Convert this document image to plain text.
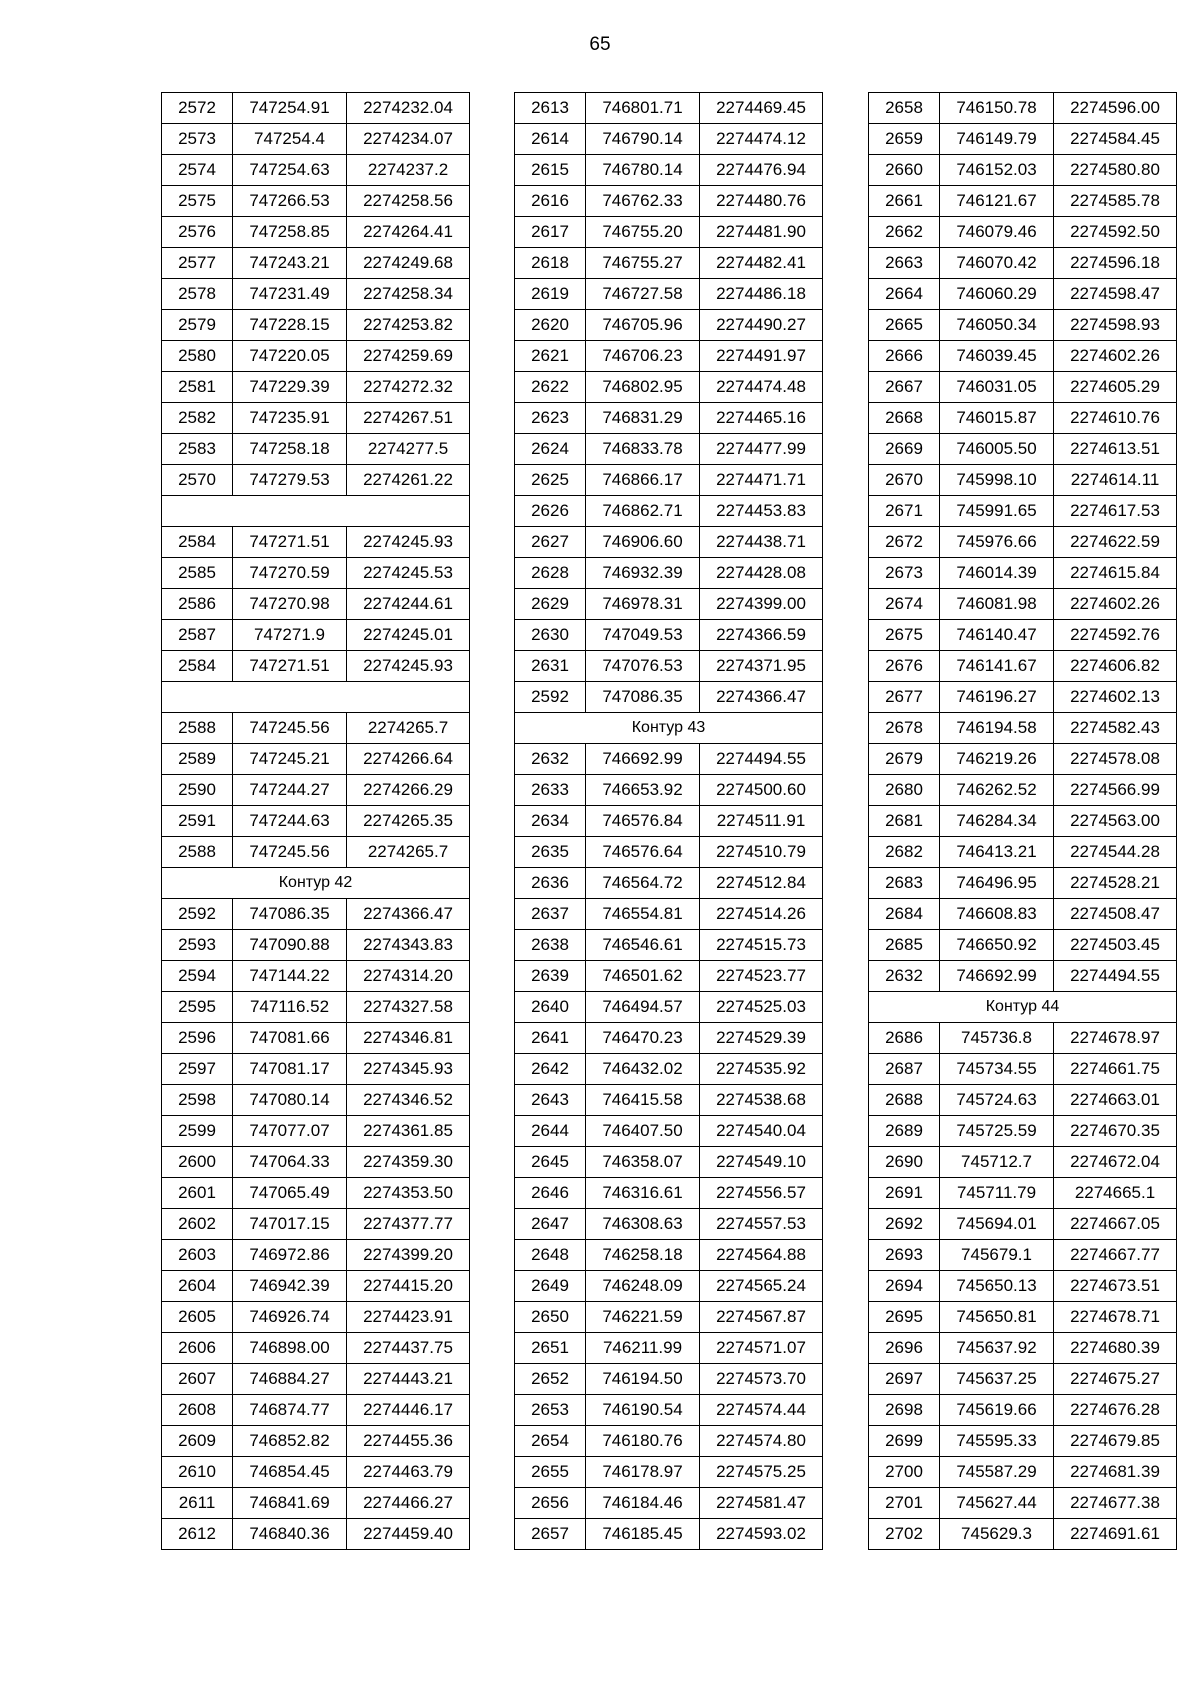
65
2572	747254.91	2274232.04
2573	747254.4	2274234.07
2574	747254.63	2274237.2
2575	747266.53	2274258.56
2576	747258.85	2274264.41
2577	747243.21	2274249.68
2578	747231.49	2274258.34
2579	747228.15	2274253.82
2580	747220.05	2274259.69
2581	747229.39	2274272.32
2582	747235.91	2274267.51
2583	747258.18	2274277.5
2570	747279.53	2274261.22

2584	747271.51	2274245.93
2585	747270.59	2274245.53
2586	747270.98	2274244.61
2587	747271.9	2274245.01
2584	747271.51	2274245.93

2588	747245.56	2274265.7
2589	747245.21	2274266.64
2590	747244.27	2274266.29
2591	747244.63	2274265.35
2588	747245.56	2274265.7
Контур 42		
2592	747086.35	2274366.47
2593	747090.88	2274343.83
2594	747144.22	2274314.20
2595	747116.52	2274327.58
2596	747081.66	2274346.81
2597	747081.17	2274345.93
2598	747080.14	2274346.52
2599	747077.07	2274361.85
2600	747064.33	2274359.30
2601	747065.49	2274353.50
2602	747017.15	2274377.77
2603	746972.86	2274399.20
2604	746942.39	2274415.20
2605	746926.74	2274423.91
2606	746898.00	2274437.75
2607	746884.27	2274443.21
2608	746874.77	2274446.17
2609	746852.82	2274455.36
2610	746854.45	2274463.79
2611	746841.69	2274466.27
2612	746840.36	2274459.40
2613	746801.71	2274469.45
2614	746790.14	2274474.12
2615	746780.14	2274476.94
2616	746762.33	2274480.76
2617	746755.20	2274481.90
2618	746755.27	2274482.41
2619	746727.58	2274486.18
2620	746705.96	2274490.27
2621	746706.23	2274491.97
2622	746802.95	2274474.48
2623	746831.29	2274465.16
2624	746833.78	2274477.99
2625	746866.17	2274471.71
2626	746862.71	2274453.83
2627	746906.60	2274438.71
2628	746932.39	2274428.08
2629	746978.31	2274399.00
2630	747049.53	2274366.59
2631	747076.53	2274371.95
2592	747086.35	2274366.47
Контур 43		
2632	746692.99	2274494.55
2633	746653.92	2274500.60
2634	746576.84	2274511.91
2635	746576.64	2274510.79
2636	746564.72	2274512.84
2637	746554.81	2274514.26
2638	746546.61	2274515.73
2639	746501.62	2274523.77
2640	746494.57	2274525.03
2641	746470.23	2274529.39
2642	746432.02	2274535.92
2643	746415.58	2274538.68
2644	746407.50	2274540.04
2645	746358.07	2274549.10
2646	746316.61	2274556.57
2647	746308.63	2274557.53
2648	746258.18	2274564.88
2649	746248.09	2274565.24
2650	746221.59	2274567.87
2651	746211.99	2274571.07
2652	746194.50	2274573.70
2653	746190.54	2274574.44
2654	746180.76	2274574.80
2655	746178.97	2274575.25
2656	746184.46	2274581.47
2657	746185.45	2274593.02
2658	746150.78	2274596.00
2659	746149.79	2274584.45
2660	746152.03	2274580.80
2661	746121.67	2274585.78
2662	746079.46	2274592.50
2663	746070.42	2274596.18
2664	746060.29	2274598.47
2665	746050.34	2274598.93
2666	746039.45	2274602.26
2667	746031.05	2274605.29
2668	746015.87	2274610.76
2669	746005.50	2274613.51
2670	745998.10	2274614.11
2671	745991.65	2274617.53
2672	745976.66	2274622.59
2673	746014.39	2274615.84
2674	746081.98	2274602.26
2675	746140.47	2274592.76
2676	746141.67	2274606.82
2677	746196.27	2274602.13
2678	746194.58	2274582.43
2679	746219.26	2274578.08
2680	746262.52	2274566.99
2681	746284.34	2274563.00
2682	746413.21	2274544.28
2683	746496.95	2274528.21
2684	746608.83	2274508.47
2685	746650.92	2274503.45
2632	746692.99	2274494.55
Контур 44		
2686	745736.8	2274678.97
2687	745734.55	2274661.75
2688	745724.63	2274663.01
2689	745725.59	2274670.35
2690	745712.7	2274672.04
2691	745711.79	2274665.1
2692	745694.01	2274667.05
2693	745679.1	2274667.77
2694	745650.13	2274673.51
2695	745650.81	2274678.71
2696	745637.92	2274680.39
2697	745637.25	2274675.27
2698	745619.66	2274676.28
2699	745595.33	2274679.85
2700	745587.29	2274681.39
2701	745627.44	2274677.38
2702	745629.3	2274691.61
